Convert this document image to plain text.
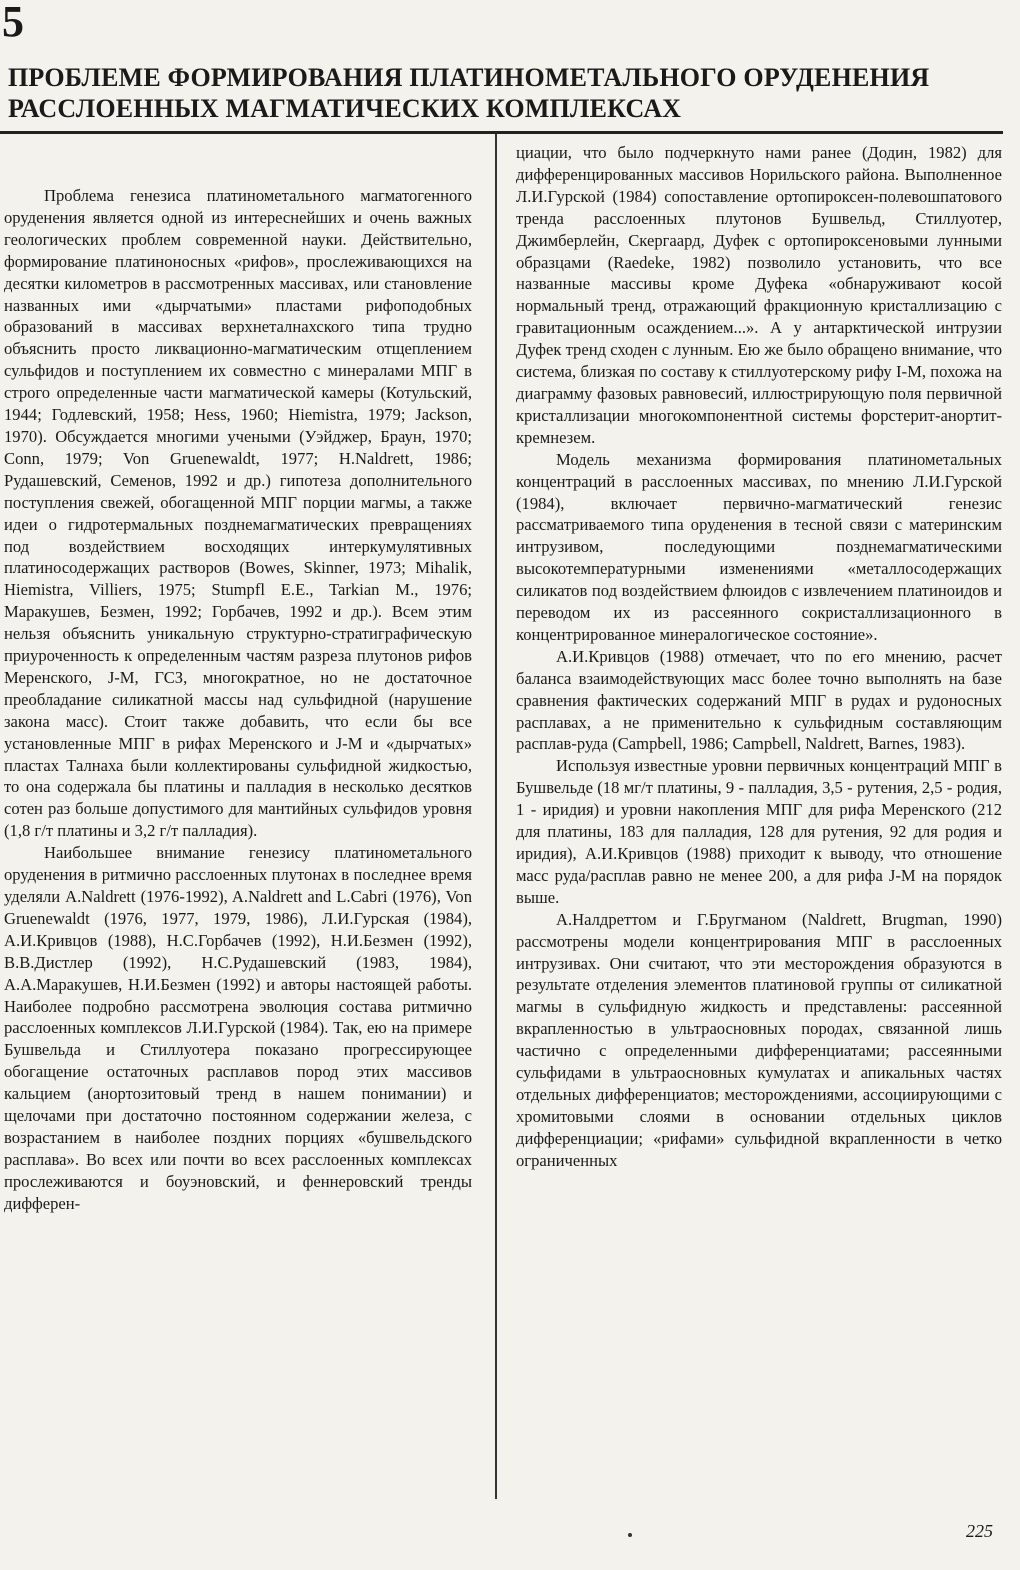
5
ПРОБЛЕМЕ ФОРМИРОВАНИЯ ПЛАТИНОМЕТАЛЬНОГО ОРУДЕНЕНИЯ
РАССЛОЕННЫХ МАГМАТИЧЕСКИХ КОМПЛЕКСАХ

Проблема генезиса платинометального магматогенного оруденения является одной из интереснейших и очень важных геологических проблем современной науки. Действительно, формирование платиноносных «рифов», прослеживающихся на десятки километров в рассмотренных массивах, или становление названных ими «дырчатыми» пластами рифоподобных образований в массивах верхнеталнахского типа трудно объяснить просто ликвационно-магматическим отщеплением сульфидов и поступлением их совместно с минералами МПГ в строго определенные части магматической камеры (Котульский, 1944; Годлевский, 1958; Hess, 1960; Hiemistra, 1979; Jackson, 1970). Обсуждается многими учеными (Уэйджер, Браун, 1970; Conn, 1979; Von Gruenewaldt, 1977; H.Naldrett, 1986; Рудашевский, Семенов, 1992 и др.) гипотеза дополнительного поступления свежей, обогащенной МПГ порции магмы, а также идеи о гидротермальных позднемагматических превращениях под воздействием восходящих интеркумулятивных платиносодержащих растворов (Bowes, Skinner, 1973; Mihalik, Hiemistra, Villiers, 1975; Stumpfl E.E., Tarkian M., 1976; Маракушев, Безмен, 1992; Горбачев, 1992 и др.). Всем этим нельзя объяснить уникальную структурно-стратиграфическую приуроченность к определенным частям разреза плутонов рифов Меренского, J-M, ГСЗ, многократное, но не достаточное преобладание силикатной массы над сульфидной (нарушение закона масс). Стоит также добавить, что если бы все установленные МПГ в рифах Меренского и J-M и «дырчатых» пластах Талнаха были коллектированы сульфидной жидкостью, то она содержала бы платины и палладия в несколько десятков сотен раз больше допустимого для мантийных сульфидов уровня (1,8 г/т платины и 3,2 г/т палладия).

Наибольшее внимание генезису платинометального оруденения в ритмично расслоенных плутонах в последнее время уделяли A.Naldrett (1976-1992), A.Naldrett and L.Cabri (1976), Von Gruenewaldt (1976, 1977, 1979, 1986), Л.И.Гурская (1984), А.И.Кривцов (1988), Н.С.Горбачев (1992), Н.И.Безмен (1992), В.В.Дистлер (1992), Н.С.Рудашевский (1983, 1984), А.А.Маракушев, Н.И.Безмен (1992) и авторы настоящей работы. Наиболее подробно рассмотрена эволюция состава ритмично расслоенных комплексов Л.И.Гурской (1984). Так, ею на примере Бушвельда и Стиллуотера показано прогрессирующее обогащение остаточных расплавов пород этих массивов кальцием (анортозитовый тренд в нашем понимании) и щелочами при достаточно постоянном содержании железа, с возрастанием в наиболее поздних порциях «бушвельдского расплава». Во всех или почти во всех расслоенных комплексах прослеживаются и боуэновский, и феннеровский тренды дифферен-

циации, что было подчеркнуто нами ранее (Додин, 1982) для дифференцированных массивов Норильского района. Выполненное Л.И.Гурской (1984) сопоставление ортопироксен-полевошпатового тренда расслоенных плутонов Бушвельд, Стиллуотер, Джимберлейн, Скергаард, Дуфек с ортопироксеновыми лунными образцами (Raedeke, 1982) позволило установить, что все названные массивы кроме Дуфека «обнаруживают косой нормальный тренд, отражающий фракционную кристаллизацию с гравитационным осаждением...». А у антарктической интрузии Дуфек тренд сходен с лунным. Ею же было обращено внимание, что система, близкая по составу к стиллуотерскому рифу I-M, похожа на диаграмму фазовых равновесий, иллюстрирующую поля первичной кристаллизации многокомпонентной системы форстерит-анортит-кремнезем.

Модель механизма формирования платинометальных концентраций в расслоенных массивах, по мнению Л.И.Гурской (1984), включает первично-магматический генезис рассматриваемого типа оруденения в тесной связи с материнским интрузивом, последующими позднемагматическими высокотемпературными изменениями «металлосодержащих силикатов под воздействием флюидов с извлечением платиноидов и переводом их из рассеянного сокристаллизационного в концентрированное минералогическое состояние».

А.И.Кривцов (1988) отмечает, что по его мнению, расчет баланса взаимодействующих масс более точно выполнять на базе сравнения фактических содержаний МПГ в рудах и рудоносных расплавах, а не применительно к сульфидным составляющим расплав-руда (Campbell, 1986; Campbell, Naldrett, Barnes, 1983).

Используя известные уровни первичных концентраций МПГ в Бушвельде (18 мг/т платины, 9 - палладия, 3,5 - рутения, 2,5 - родия, 1 - иридия) и уровни накопления МПГ для рифа Меренского (212 для платины, 183 для палладия, 128 для рутения, 92 для родия и иридия), А.И.Кривцов (1988) приходит к выводу, что отношение масс руда/расплав равно не менее 200, а для рифа J-M на порядок выше.

А.Налдреттом и Г.Бругманом (Naldrett, Brugman, 1990) рассмотрены модели концентрирования МПГ в расслоенных интрузивах. Они считают, что эти месторождения образуются в результате отделения элементов платиновой группы от силикатной магмы в сульфидную жидкость и представлены: рассеянной вкрапленностью в ультраосновных породах, связанной лишь частично с определенными дифференциатами; рассеянными сульфидами в ультраосновных кумулатах и апикальных частях отдельных дифференциатов; месторождениями, ассоциирующими с хромитовыми слоями в основании отдельных циклов дифференциации; «рифами» сульфидной вкрапленности в четко ограниченных

225
